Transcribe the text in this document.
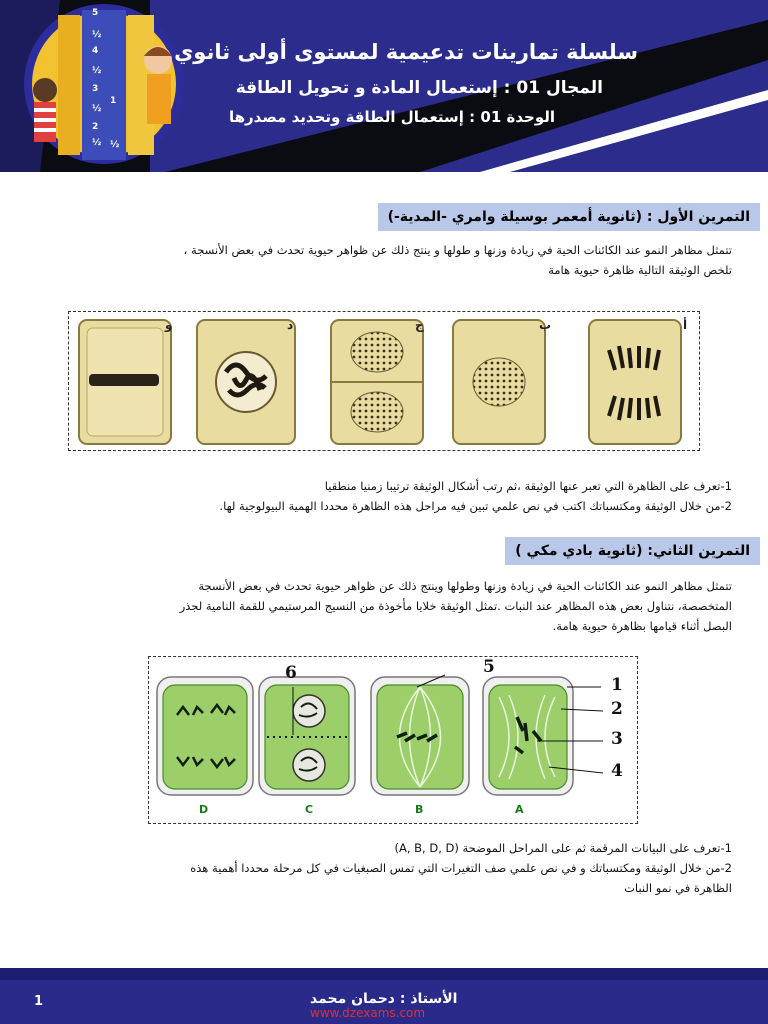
5
½
4
½
3
½
2
½
1
½
سلسلة تمارينات تدعيمية لمستوى أولى ثانوي
المجال 01 : إستعمال المادة و تحويل الطاقة
الوحدة 01 : إستعمال الطاقة وتحديد مصدرها
التمرين الأول : (ثانوية أمعمر بوسيلة وامري -المدية-)

تتمثل مظاهر النمو عند الكائنات الحية في زيادة وزنها و طولها و ينتج ذلك عن ظواهر حيوية تحدث في بعض الأنسجة ،

تلخص الوثيقة التالية ظاهرة حيوية هامة

و	د	ج	ب	أ

1-تعرف على الظاهرة التي تعبر عنها الوثيقة ،ثم رتب أشكال الوثيقة ترتيبا زمنيا منطقيا

2-من خلال الوثيقة ومكتسباتك اكتب في نص علمي تبين فيه مراحل هذه الظاهرة محددا الهمية البيولوجية لها.

التمرين الثاني: (ثانوية بادي مكي )

تتمثل مظاهر النمو عند الكائنات الحية في زيادة وزنها وطولها وينتج ذلك عن ظواهر حيوية تحدث في بعض الأنسجة

المتخصصة، نتناول بعض هذه المظاهر عند النبات .تمثل الوثيقة خلايا مأخوذة من النسيج المرستيمي للقمة النامية لجذر

البصل أثناء قيامها بظاهرة حيوية هامة.

D	C	B	A
1
2
3
4
5
6

1-تعرف على البيانات المرقمة ثم على المراحل الموضحة (A, B, D, D)

2-من خلال الوثيقة ومكتسباتك و في نص علمي صف التغيرات التي تمس الصبغيات في كل مرحلة محددا أهمية هذه

الظاهرة في نمو النبات

الأستاذ : دحمان محمد
www.dzexams.com
1
